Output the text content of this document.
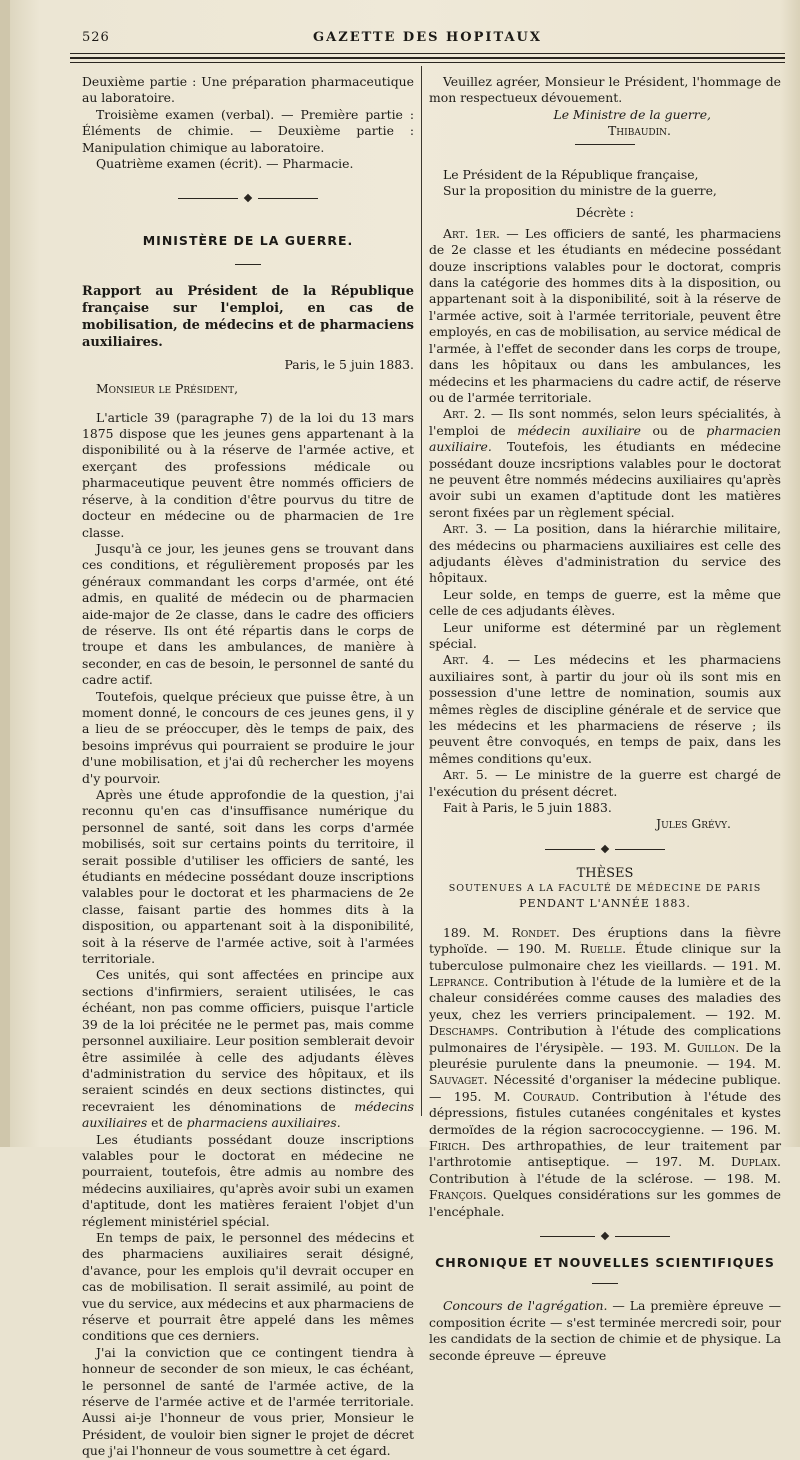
526	GAZETTE DES HOPITAUX

Deuxième partie : Une préparation pharmaceutique au laboratoire.

Troisième examen (verbal). — Première partie : Éléments de chimie. — Deuxième partie : Manipulation chimique au laboratoire.

Quatrième examen (écrit). — Pharmacie.

MINISTÈRE DE LA GUERRE.

Rapport au Président de la République française sur l'emploi, en cas de mobilisation, de médecins et de pharmaciens auxiliaires.

Paris, le 5 juin 1883.

Monsieur le Président,

L'article 39 (paragraphe 7) de la loi du 13 mars 1875 dispose que les jeunes gens appartenant à la disponibilité ou à la réserve de l'armée active, et exerçant des professions médicale ou pharmaceutique peuvent être nommés officiers de réserve, à la condition d'être pourvus du titre de docteur en médecine ou de pharmacien de 1re classe.

Jusqu'à ce jour, les jeunes gens se trouvant dans ces conditions, et régulièrement proposés par les généraux commandant les corps d'armée, ont été admis, en qualité de médecin ou de pharmacien aide-major de 2e classe, dans le cadre des officiers de réserve. Ils ont été répartis dans le corps de troupe et dans les ambulances, de manière à seconder, en cas de besoin, le personnel de santé du cadre actif.

Toutefois, quelque précieux que puisse être, à un moment donné, le concours de ces jeunes gens, il y a lieu de se préoccuper, dès le temps de paix, des besoins imprévus qui pourraient se produire le jour d'une mobilisation, et j'ai dû rechercher les moyens d'y pourvoir.

Après une étude approfondie de la question, j'ai reconnu qu'en cas d'insuffisance numérique du personnel de santé, soit dans les corps d'armée mobilisés, soit sur certains points du territoire, il serait possible d'utiliser les officiers de santé, les étudiants en médecine possédant douze inscriptions valables pour le doctorat et les pharmaciens de 2e classe, faisant partie des hommes dits à la disposition, ou appartenant soit à la disponibilité, soit à la réserve de l'armée active, soit à l'armées territoriale.

Ces unités, qui sont affectées en principe aux sections d'infirmiers, seraient utilisées, le cas échéant, non pas comme officiers, puisque l'article 39 de la loi précitée ne le permet pas, mais comme personnel auxiliaire. Leur position semblerait devoir être assimilée à celle des adjudants élèves d'administration du service des hôpitaux, et ils seraient scindés en deux sections distinctes, qui recevraient les dénominations de médecins auxiliaires et de pharmaciens auxiliaires.

Les étudiants possédant douze inscriptions valables pour le doctorat en médecine ne pourraient, toutefois, être admis au nombre des médecins auxiliaires, qu'après avoir subi un examen d'aptitude, dont les matières feraient l'objet d'un réglement ministériel spécial.

En temps de paix, le personnel des médecins et des pharmaciens auxiliaires serait désigné, d'avance, pour les emplois qu'il devrait occuper en cas de mobilisation. Il serait assimilé, au point de vue du service, aux médecins et aux pharmaciens de réserve et pourrait être appelé dans les mêmes conditions que ces derniers.

J'ai la conviction que ce contingent tiendra à honneur de seconder de son mieux, le cas échéant, le personnel de santé de l'armée active, de la réserve de l'armée active et de l'armée territoriale. Aussi ai-je l'honneur de vous prier, Monsieur le Président, de vouloir bien signer le projet de décret que j'ai l'honneur de vous soumettre à cet égard.

Veuillez agréer, Monsieur le Président, l'hommage de mon respectueux dévouement.

Le Ministre de la guerre,

Thibaudin.

Le Président de la République française,

Sur la proposition du ministre de la guerre,

Décrète :

Art. 1er. — Les officiers de santé, les pharmaciens de 2e classe et les étudiants en médecine possédant douze inscriptions valables pour le doctorat, compris dans la catégorie des hommes dits à la disposition, ou appartenant soit à la disponibilité, soit à la réserve de l'armée active, soit à l'armée territoriale, peuvent être employés, en cas de mobilisation, au service médical de l'armée, à l'effet de seconder dans les corps de troupe, dans les hôpitaux ou dans les ambulances, les médecins et les pharmaciens du cadre actif, de réserve ou de l'armée territoriale.

Art. 2. — Ils sont nommés, selon leurs spécialités, à l'emploi de médecin auxiliaire ou de pharmacien auxiliaire. Toutefois, les étudiants en médecine possédant douze incsriptions valables pour le doctorat ne peuvent être nommés médecins auxiliaires qu'après avoir subi un examen d'aptitude dont les matières seront fixées par un règlement spécial.

Art. 3. — La position, dans la hiérarchie militaire, des médecins ou pharmaciens auxiliaires est celle des adjudants élèves d'administration du service des hôpitaux.

Leur solde, en temps de guerre, est la même que celle de ces adjudants élèves.

Leur uniforme est déterminé par un règlement spécial.

Art. 4. — Les médecins et les pharmaciens auxiliaires sont, à partir du jour où ils sont mis en possession d'une lettre de nomination, soumis aux mêmes règles de discipline générale et de service que les médecins et les pharmaciens de réserve ; ils peuvent être convoqués, en temps de paix, dans les mêmes conditions qu'eux.

Art. 5. — Le ministre de la guerre est chargé de l'exécution du présent décret.

Fait à Paris, le 5 juin 1883.

Jules Grévy.

THÈSES

SOUTENUES A LA FACULTÉ DE MÉDECINE DE PARIS

PENDANT L'ANNÉE 1883.

189. M. Rondet. Des éruptions dans la fièvre typhoïde. — 190. M. Ruelle. Étude clinique sur la tuberculose pulmonaire chez les vieillards. — 191. M. Leprance. Contribution à l'étude de la lumière et de la chaleur considérées comme causes des maladies des yeux, chez les verriers principalement. — 192. M. Deschamps. Contribution à l'étude des complications pulmonaires de l'érysipèle. — 193. M. Guillon. De la pleurésie purulente dans la pneumonie. — 194. M. Sauvaget. Nécessité d'organiser la médecine publique. — 195. M. Couraud. Contribution à l'étude des dépressions, fistules cutanées congénitales et kystes dermoïdes de la région sacrococcygienne. — 196. M. Firich. Des arthropathies, de leur traitement par l'arthrotomie antiseptique. — 197. M. Duplaix. Contribution à l'étude de la sclérose. — 198. M. François. Quelques considérations sur les gommes de l'encéphale.

CHRONIQUE ET NOUVELLES SCIENTIFIQUES

Concours de l'agrégation. — La première épreuve — composition écrite — s'est terminée mercredi soir, pour les candidats de la section de chimie et de physique. La seconde épreuve — épreuve
